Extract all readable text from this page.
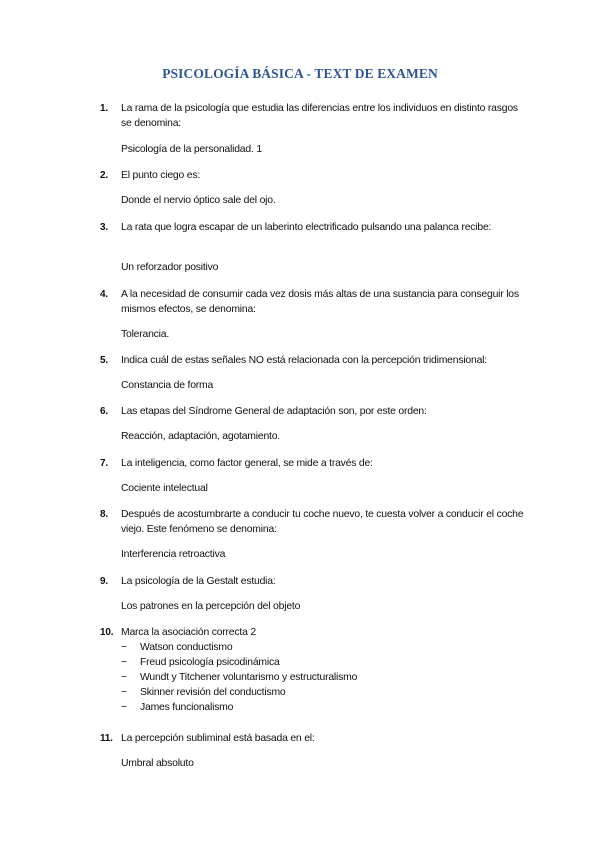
PSICOLOGÍA BÁSICA - TEXT DE EXAMEN
1. La rama de la psicología que estudia las diferencias entre los individuos en distinto rasgos se denomina:
Psicología de la personalidad. 1
2. El punto ciego es:
Donde el nervio óptico sale del ojo.
3. La rata que logra escapar de un laberinto electrificado pulsando una palanca recibe:
Un reforzador positivo
4. A la necesidad de consumir cada vez dosis más altas de una sustancia para conseguir los mismos efectos, se denomina:
Tolerancia.
5. Indica cuál de estas señales NO está relacionada con la percepción tridimensional:
Constancia de forma
6. Las etapas del Síndrome General de adaptación son, por este orden:
Reacción, adaptación, agotamiento.
7. La inteligencia, como factor general, se mide a través de:
Cociente intelectual
8. Después de acostumbrarte a conducir tu coche nuevo, te cuesta volver a conducir el coche viejo. Este fenómeno se denomina:
Interferencia retroactiva
9. La psicología de la Gestalt estudia:
Los patrones en la percepción del objeto
10. Marca la asociación correcta 2
− Watson conductismo
− Freud psicología psicodinámica
− Wundt y Titchener voluntarismo y estructuralismo
− Skinner revisión del conductismo
− James funcionalismo
11. La percepción subliminal está basada en el:
Umbral absoluto
